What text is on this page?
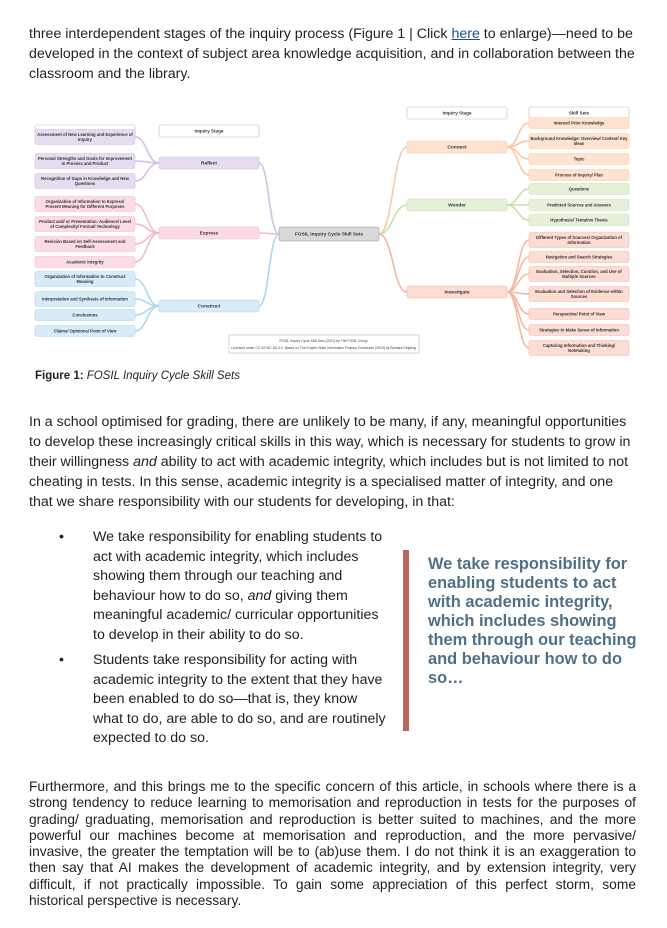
three interdependent stages of the inquiry process (Figure 1 | Click here to enlarge)—need to be developed in the context of subject area knowledge acquisition, and in collaboration between the classroom and the library.

Inquiry Stage
Inquiry Stage	Skill Sets
FOSIL Inquiry Cycle Skill Sets
Reflect
Express
Construct
Connect
Wonder
Investigate
Assessment of New Learning and Experience of Inquiry
Personal Strengths and Goals for Improvement in Process and Product
Recognition of Gaps in Knowledge and New Questions
Organization of Information to Express/ Present Meaning for Different Purposes
Product and/ or Presentation: Audience/ Level of Complexity/ Format/ Technology
Revision Based on Self-Assessment and Feedback
Academic Integrity
Organization of Information to Construct Meaning
Interpretation and Synthesis of Information
Conclusions
Claims/ Opinions/ Point of View
Interest/ Prior Knowledge
Background Knowledge: Overview/ Context/ Key Ideas
Topic
Process of Inquiry/ Plan
Questions
Predicted Sources and Answers
Hypothesis/ Tentative Thesis
Different Types of Sources/ Organization of Information
Navigation and Search Strategies
Evaluation, Selection, Curation, and Use of Multiple Sources
Evaluation and Selection of Evidence within Sources
Perspective/ Point of View
Strategies to Make Sense of Information
Capturing Information and Thinking/ Notetaking
FOSIL Inquiry Cycle Skill Sets (2021) by The FOSIL Group.
Licensed under CC BY-NC-SA 4.0. Based on The Empire State Information Fluency Continuum (2019) by Barbara Stripling.
Figure 1: FOSIL Inquiry Cycle Skill Sets

In a school optimised for grading, there are unlikely to be many, if any, meaningful opportunities to develop these increasingly critical skills in this way, which is necessary for students to grow in their willingness and ability to act with academic integrity, which includes but is not limited to not cheating in tests. In this sense, academic integrity is a specialised matter of integrity, and one that we share responsibility with our students for developing, in that:

• We take responsibility for enabling students to act with academic integrity, which includes showing them through our teaching and behaviour how to do so, and giving them meaningful academic/ curricular opportunities to develop in their ability to do so.
• Students take responsibility for acting with academic integrity to the extent that they have been enabled to do so—that is, they know what to do, are able to do so, and are routinely expected to do so.

We take responsibility for enabling students to act with academic integrity, which includes showing them through our teaching and behaviour how to do so…

Furthermore, and this brings me to the specific concern of this article, in schools where there is a strong tendency to reduce learning to memorisation and reproduction in tests for the purposes of grading/ graduating, memorisation and reproduction is better suited to machines, and the more powerful our machines become at memorisation and reproduction, and the more pervasive/ invasive, the greater the temptation will be to (ab)use them. I do not think it is an exaggeration to then say that AI makes the development of academic integrity, and by extension integrity, very difficult, if not practically impossible. To gain some appreciation of this perfect storm, some historical perspective is necessary.
